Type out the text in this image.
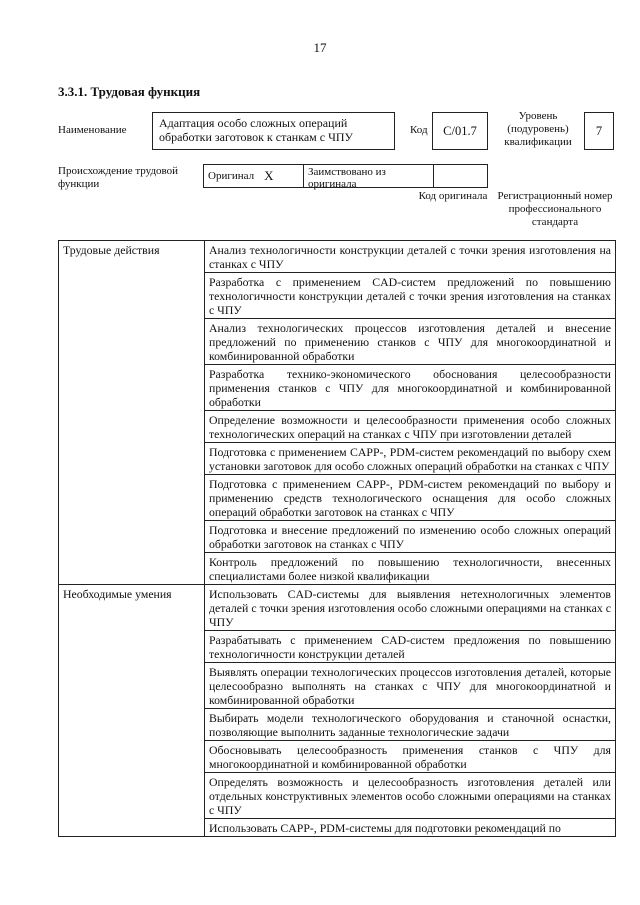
17
3.3.1. Трудовая функция
Наименование	Адаптация особо сложных операций обработки заготовок к станкам с ЧПУ	Код	C/01.7
Уровень (подуровень) квалификации
7
Происхождение трудовой функции
Оригинал X	Заимствовано из оригинала
Код оригинала Регистрационный номер профессионального стандарта
Трудовые действия	Анализ технологичности конструкции деталей с точки зрения изготовления на станках с ЧПУ
	Разработка с применением CAD-систем предложений по повышению технологичности конструкции деталей с точки зрения изготовления на станках с ЧПУ
	Анализ технологических процессов изготовления деталей и внесение предложений по применению станков с ЧПУ для многокоординатной и комбинированной обработки
	Разработка технико-экономического обоснования целесообразности применения станков с ЧПУ для многокоординатной и комбинированной обработки
	Определение возможности и целесообразности применения особо сложных технологических операций на станках с ЧПУ при изготовлении деталей
	Подготовка с применением CAPP-, PDM-систем рекомендаций по выбору схем установки заготовок для особо сложных операций обработки на станках с ЧПУ
	Подготовка с применением CAPP-, PDM-систем рекомендаций по выбору и применению средств технологического оснащения для особо сложных операций обработки заготовок на станках с ЧПУ
	Подготовка и внесение предложений по изменению особо сложных операций обработки заготовок на станках с ЧПУ
	Контроль предложений по повышению технологичности, внесенных специалистами более низкой квалификации
Необходимые умения	Использовать CAD-системы для выявления нетехнологичных элементов деталей с точки зрения изготовления особо сложными операциями на станках с ЧПУ
	Разрабатывать с применением CAD-систем предложения по повышению технологичности конструкции деталей
	Выявлять операции технологических процессов изготовления деталей, которые целесообразно выполнять на станках с ЧПУ для многокоординатной и комбинированной обработки
	Выбирать модели технологического оборудования и станочной оснастки, позволяющие выполнить заданные технологические задачи
	Обосновывать целесообразность применения станков с ЧПУ для многокоординатной и комбинированной обработки
	Определять возможность и целесообразность изготовления деталей или отдельных конструктивных элементов особо сложными операциями на станках с ЧПУ
	Использовать CAPP-, PDM-системы для подготовки рекомендаций по
